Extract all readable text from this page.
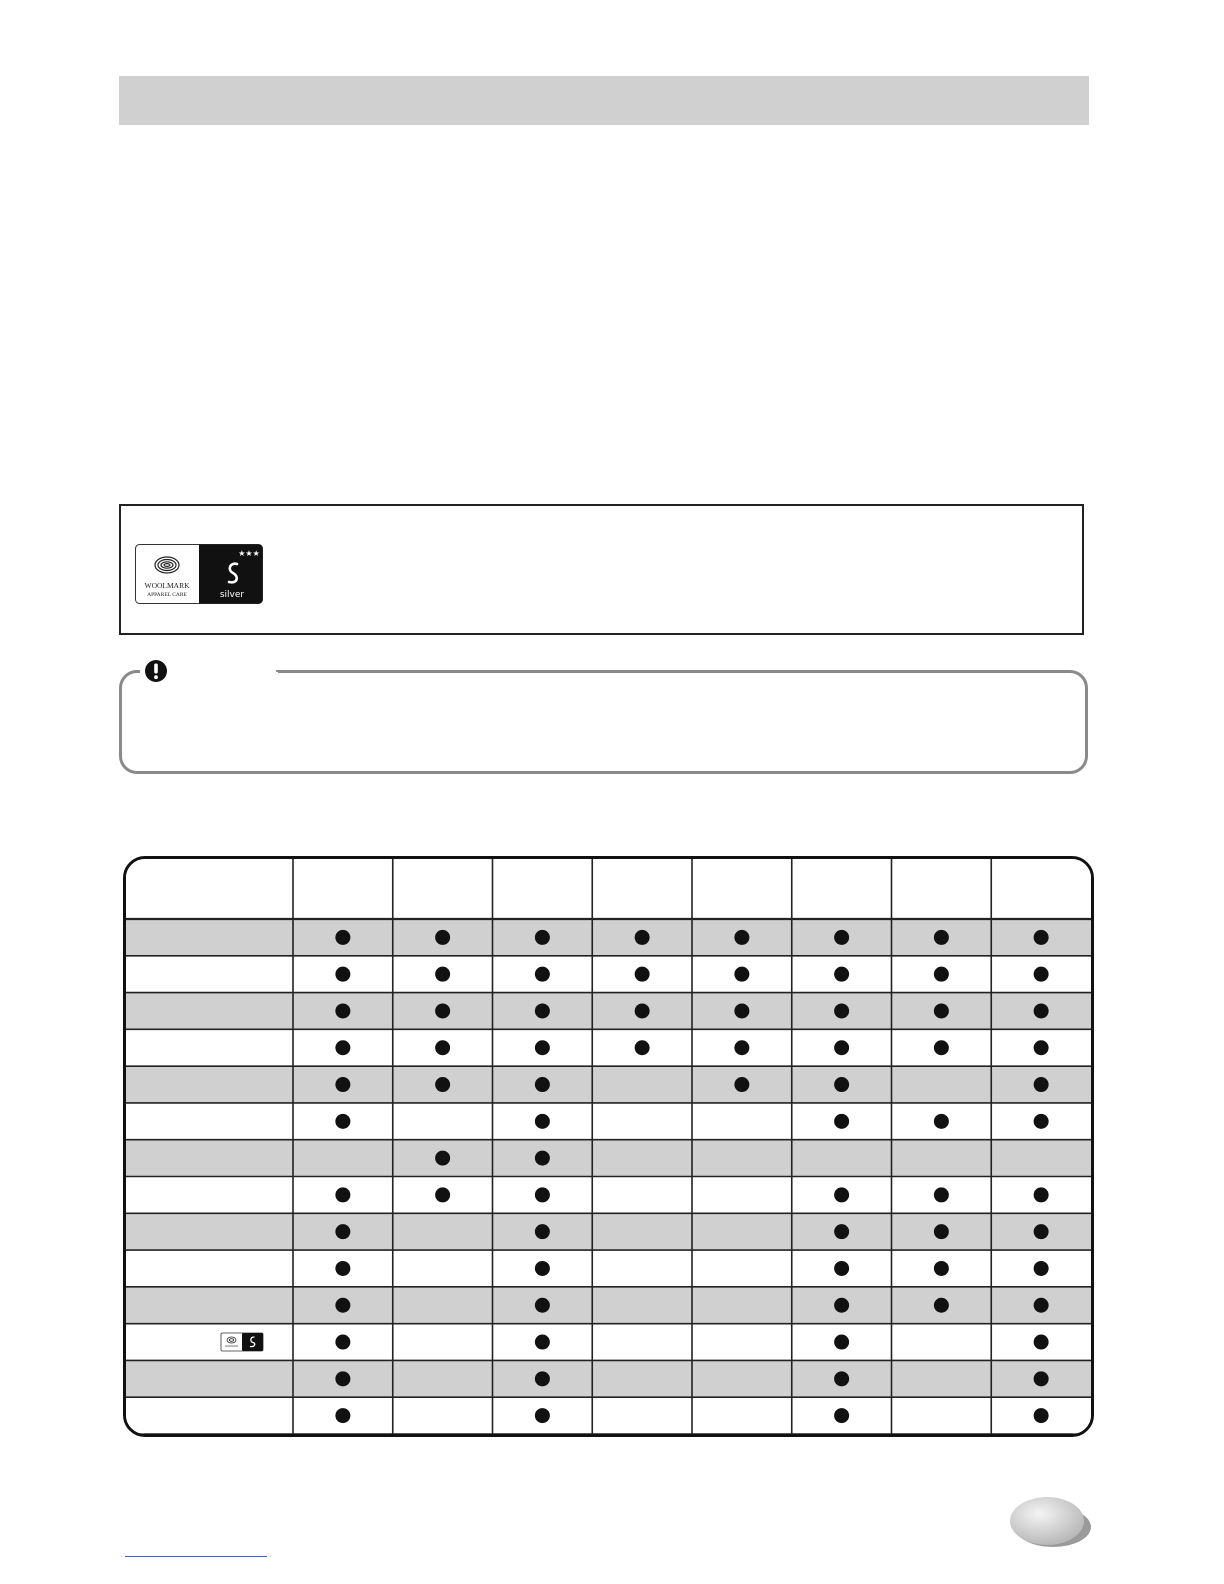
WOOLMARK
APPAREL CARE
★★★
silver
